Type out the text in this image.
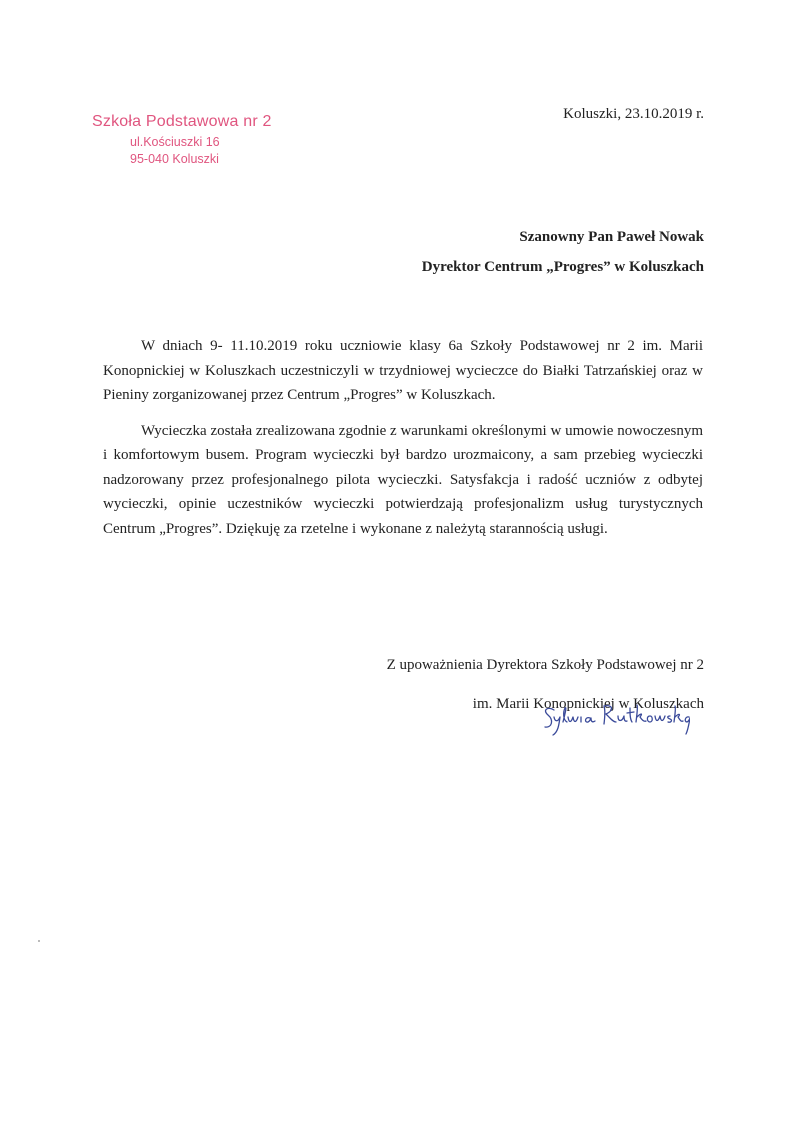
Szkoła Podstawowa nr 2
ul.Kościuszki 16
95-040 Koluszki
Koluszki, 23.10.2019 r.
Szanowny Pan Paweł Nowak
Dyrektor Centrum „Progres” w Koluszkach

W dniach 9- 11.10.2019 roku uczniowie klasy 6a Szkoły Podstawowej nr 2 im. Marii Konopnickiej w Koluszkach uczestniczyli w trzydniowej wycieczce do Białki Tatrzańskiej oraz w Pieniny zorganizowanej przez Centrum „Progres” w Koluszkach.

Wycieczka została zrealizowana zgodnie z warunkami określonymi w umowie nowoczesnym i komfortowym busem. Program wycieczki był bardzo urozmaicony, a sam przebieg wycieczki nadzorowany przez profesjonalnego pilota wycieczki. Satysfakcja i radość uczniów z odbytej wycieczki, opinie uczestników wycieczki potwierdzają profesjonalizm usług turystycznych Centrum „Progres”. Dziękuję za rzetelne i wykonane z należytą starannością usługi.

Z upoważnienia Dyrektora Szkoły Podstawowej nr 2
im. Marii Konopnickiej w Koluszkach
